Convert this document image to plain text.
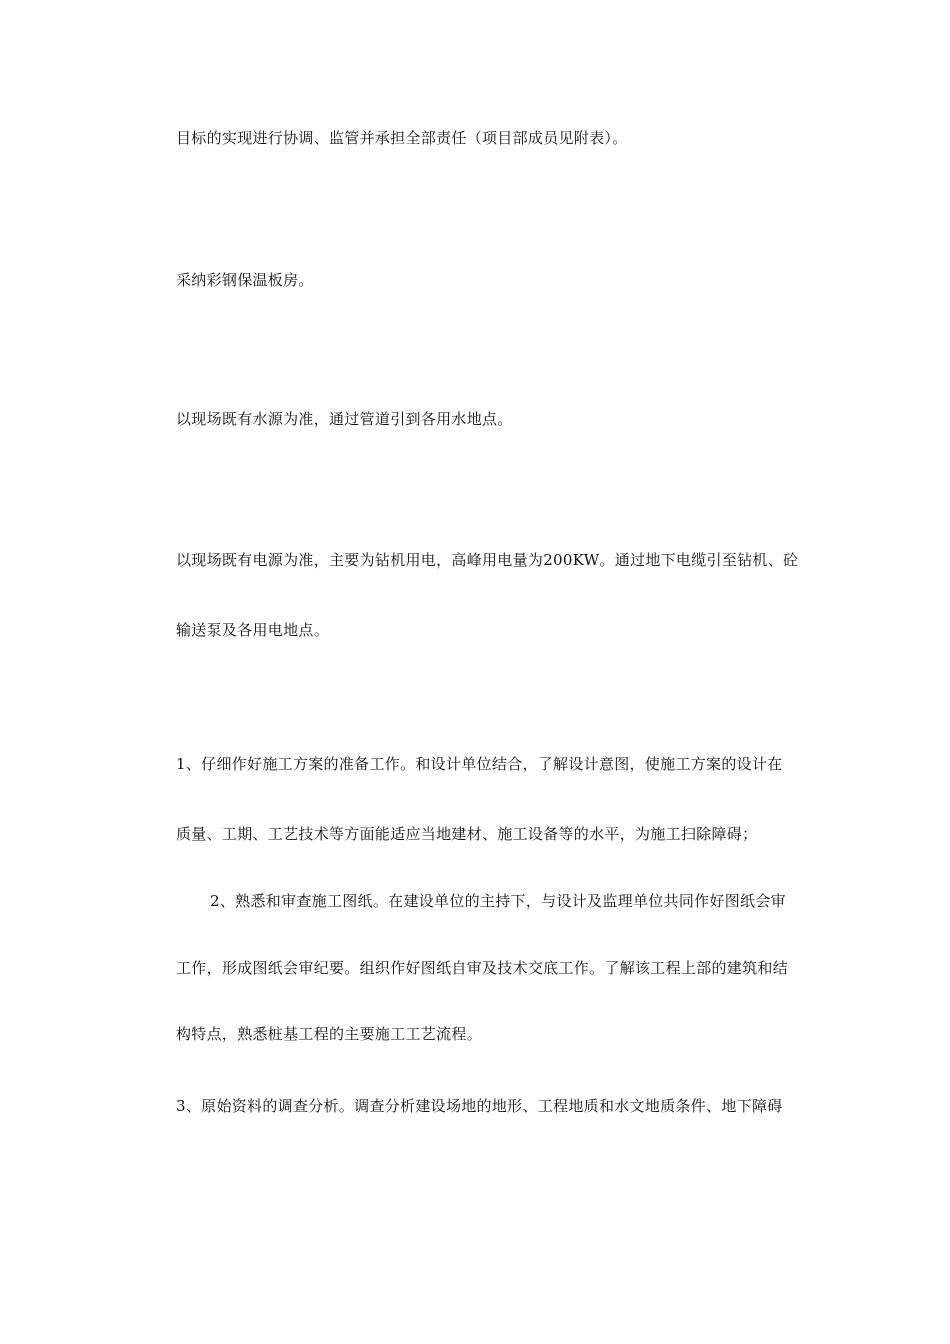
目标的实现进行协调、监管并承担全部责任（项目部成员见附表）。
采纳彩钢保温板房。
以现场既有水源为准，通过管道引到各用水地点。
以现场既有电源为准，主要为钻机用电，高峰用电量为200KW。通过地下电缆引至钻机、砼
输送泵及各用电地点。
1、仔细作好施工方案的准备工作。和设计单位结合，了解设计意图，使施工方案的设计在
质量、工期、工艺技术等方面能适应当地建材、施工设备等的水平，为施工扫除障碍；
2、熟悉和审查施工图纸。在建设单位的主持下，与设计及监理单位共同作好图纸会审
工作，形成图纸会审纪要。组织作好图纸自审及技术交底工作。了解该工程上部的建筑和结
构特点，熟悉桩基工程的主要施工工艺流程。
3、原始资料的调查分析。调查分析建设场地的地形、工程地质和水文地质条件、地下障碍
